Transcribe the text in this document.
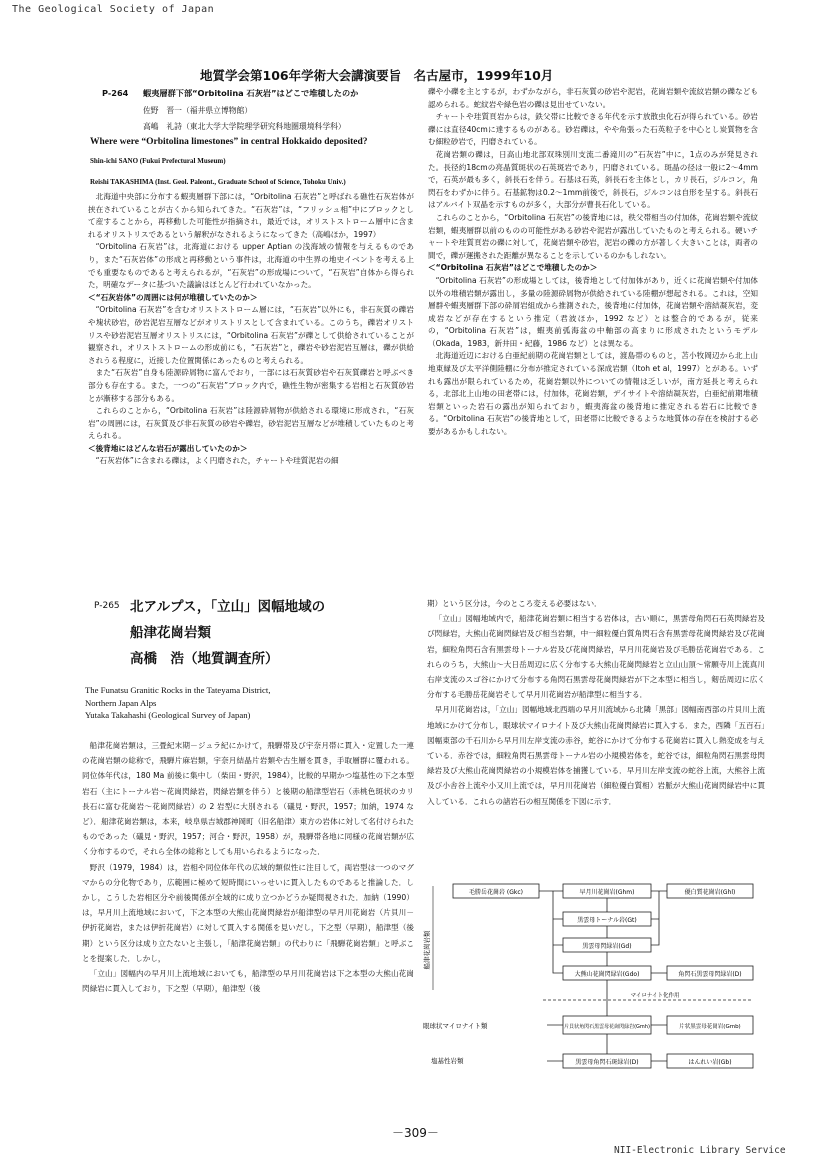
The Geological Society of Japan
地質学会第106年学術大会講演要旨　名古屋市，1999年10月
P-264 蝦夷層群下部“Orbitolina 石灰岩”はどこで堆積したのか
佐野　晋一（福井県立博物館）
高嶋　礼詩（東北大学大学院理学研究科地圏環境科学科）
Where were “Orbitolina limestones” in central Hokkaido deposited?
Shin-ichi SANO (Fukui Prefectural Museum)
Reishi TAKASHIMA (Inst. Geol. Paleont., Graduate School of Science, Tohoku Univ.)

北海道中央部に分布する蝦夷層群下部には，“Orbitolina 石灰岩”と呼ばれる礁性石灰岩体が挟在されていることが古くから知られてきた。“石灰岩”は，“フリッシュ相”中にブロックとして産することから，再移動した可能性が指摘され，最近では，オリストストローム層中に含まれるオリストリスであるという解釈がなされるようになってきた（高嶋ほか，1997）

“Orbitolina 石灰岩”は，北海道における upper Aptian の浅海域の情報を与えるものであり，また“石灰岩体”の形成と再移動という事件は，北海道の中生界の地史イベントを考える上でも重要なものであると考えられるが，“石灰岩”の形成場について，“石灰岩”自体から得られた，明確なデータに基づいた議論はほとんど行われていなかった。

＜“石灰岩体”の周囲には何が堆積していたのか＞

“Orbitolina 石灰岩”を含むオリストストローム層には，“石灰岩”以外にも，非石灰質の礫岩や塊状砂岩，砂岩泥岩互層などがオリストリスとして含まれている。このうち，礫岩オリストリスや砂岩泥岩互層オリストリスには，“Orbitolina 石灰岩”が礫として供給されていることが観察され，オリストストロームの形成前にも，“石灰岩”と，礫岩や砂岩泥岩互層は，礫が供給されうる程度に，近接した位置関係にあったものと考えられる。

また“石灰岩”自身も陸源砕屑物に富んでおり，一部には石灰質砂岩や石灰質礫岩と呼ぶべき部分も存在する。また，一つの“石灰岩”ブロック内で，礁性生物が密集する岩相と石灰質砂岩とが漸移する部分もある。

これらのことから，“Orbitolina 石灰岩”は陸源砕屑物が供給される環境に形成され，“石灰岩”の周囲には，石灰質及び非石灰質の砂岩や礫岩，砂岩泥岩互層などが堆積していたものと考えられる。

＜後背地にはどんな岩石が露出していたのか＞

“石灰岩体”に含まれる礫は，よく円磨された，チャートや珪質泥岩の細

礫や小礫を主とするが，わずかながら，非石灰質の砂岩や泥岩，花崗岩類や流紋岩類の礫なども認められる。蛇紋岩や緑色岩の礫は見出せていない。

チャートや珪質頁岩からは，鉄父帯に比較できる年代を示す放散虫化石が得られている。砂岩礫には直径40cmに達するものがある。砂岩礫は，やや角張った石英粒子を中心とし炭質物を含む細粒砂岩で，円磨されている。

花崗岩類の礫は，日高山地北部双珠別川支流二番滝川の“石灰岩”中に，1点のみが発見された。長径約18cmの亮晶質斑状の石英斑岩であり，円磨されている。斑晶の径は一般に2〜4mmで，石英が最も多く，斜長石を伴う。石基は石英，斜長石を主体とし，カリ長石，ジルコン，角閃石をわずかに伴う。石基鉱物は0.2〜1mm前後で，斜長石，ジルコンは自形を呈する。斜長石はアルバイト双晶を示すものが多く，大部分が曹長石化している。

これらのことから，“Orbitolina 石灰岩”の後背地には，秩父帯相当の付加体，花崗岩類や流紋岩類，蝦夷層群以前のものの可能性がある砂岩や泥岩が露出していたものと考えられる。硬いチャートや珪質頁岩の礫に対して，花崗岩類や砂岩，泥岩の礫の方が著しく大きいことは，両者の間で，礫が運搬された距離が異なることを示しているのかもしれない。

＜“Orbitolina 石灰岩”はどこで堆積したのか＞

“Orbitolina 石灰岩”の形成場としては，後背地として付加体があり，近くに花崗岩類や付加体以外の堆積岩類が露出し，多量の陸源砕屑物が供給されている陸棚が想起される。これは，空知層群や蝦夷層群下部の砕屑岩組成から推測された，後背地に付加体，花崗岩類や溶結凝灰岩，変成岩などが存在するという推定（君波ほか，1992 など）とは整合的であるが，従来の，“Orbitolina 石灰岩”は，蝦夷前弧海盆の中軸部の高まりに形成されたというモデル（Okada，1983，新井田・紀藤，1986 など）とは異なる。

北海道近辺における白亜紀前期の花崗岩類としては，渡島帯のものと，苫小牧岡辺から北上山地東縁及び太平洋側陸棚に分布が推定されている深成岩類（Itoh et al，1997）とがある。いずれも露出が限られているため，花崗岩類以外についての情報は乏しいが，南方延長と考えられる，北部北上山地の田老帯には，付加体，花崗岩類，デイサイトや溶結凝灰岩，白亜紀前期堆積岩類といった岩石の露出が知られており，蝦夷海盆の後背地に推定される岩石に比較できる。“Orbitolina 石灰岩”の後背地として，田老帯に比較できるような地質体の存在を検討する必要があるかもしれない。

P-265 北アルプス，「立山」図幅地域の
船津花崗岩類
高橋　浩（地質調査所）
The Funatsu Granitic Rocks in the Tateyama District,
Northern Japan Alps
Yutaka Takahashi (Geological Survey of Japan)

船津花崗岩類は，三畳紀末期－ジュラ紀にかけて，飛騨帯及び宇奈月帯に貫入・定置した一連の花崗岩類の総称で，飛騨片麻岩類，宇奈月結晶片岩類や古生層を貫き，手取層群に覆われる。同位体年代は，180 Ma 前後に集中し（柴田・野沢，1984），比較的早期かつ塩基性の下之本型岩石（主にトーナル岩〜花崗閃緑岩，閃緑岩類を伴う）と後期の船津型岩石（赤桃色斑状のカリ長石に富む花崗岩〜花崗閃緑岩）の 2 岩型に大別される（礒見・野沢，1957；加納，1974 など）．船津花崗岩類は，本来，岐阜県吉城郡神岡町（旧名船津）東方の岩体に対して名付けられたものであった（礒見・野沢，1957；河合・野沢，1958）が，飛騨帯各地に同様の花崗岩類が広く分布するので，それら全体の総称としても用いられるようになった．

野沢（1979，1984）は，岩相や同位体年代の広域的類似性に注目して，両岩型は一つのマグマからの分化物であり，広範囲に極めて短時間にいっせいに貫入したものであると推論した．しかし，こうした岩相区分や前後関係が全域的に成り立つかどうか疑問視された．加納（1990）は，早月川上流地域において，下之本型の大熊山花崗閃緑岩が船津型の早月川花崗岩（片貝川－伊折花崗岩，または伊折花崗岩）に対して貫入する関係を見いだし，下之型（早期），船津型（後期）という区分は成り立たないと主張し，「船津花崗岩類」の代わりに「飛騨花崗岩類」と呼ぶことを提案した．しかし，

「立山」図幅内の早月川上流地域においても，船津型の早月川花崗岩は下之本型の大熊山花崗閃緑岩に貫入しており，下之型（早期），船津型（後

期）という区分は，今のところ変える必要はない．

「立山」図幅地域内で，船津花崗岩類に相当する岩体は，古い順に，黒雲母角閃石石英閃緑岩及び閃緑岩，大熊山花崗閃緑岩及び相当岩類，中一細粒優白質角閃石含有黒雲母花崗閃緑岩及び花崗岩，細粒角閃石含有黒雲母トーナル岩及び花崗閃緑岩，早月川花崗岩及び毛勝岳花崗岩である．これらのうち，大熊山〜大日岳周辺に広く分布する大熊山花崗閃緑岩と立山山頂〜常願寺川上流真川右岸支流のスゴ谷にかけて分布する角閃石黒雲母花崗閃緑岩が下之本型に相当し，剱岳周辺に広く分布する毛勝岳花崗岩そして早月川花崗岩が船津型に相当する．

早月川花崗岩は，「立山」図幅地域北西端の早月川流域から北隣「黒部」図幅南西部の片貝川上流地域にかけて分布し，眼球状マイロナイト及び大熊山花崗閃緑岩に貫入する．また，西隣「五百石」図幅東部の千石川から早月川左岸支流の赤谷，蛇谷にかけて分布する花崗岩に貫入し熱変成を与えている．赤谷では，細粒角閃石黒雲母トーナル岩の小規模岩体を，蛇谷では，細粒角閃石黒雲母閃緑岩及び大熊山花崗閃緑岩の小規模岩体を捕獲している．早月川左岸支流の蛇谷上流，大熊谷上流及び小舎谷上流や小又川上流では，早月川花崗岩（細粒優白質相）岩脈が大熊山花崗閃緑岩中に貫入している．これらの諸岩石の相互関係を下図に示す．

船津花崗岩類
眼球状マイロナイト類
塩基性岩類
毛勝岳花崗岩 (Gkc)	早月川花崗岩(Ghm)	優白質花崗岩(Ghl)
黒雲母トーナル岩(Gt)
黒雲母閃緑岩(Gd)
大熊山花崗閃緑岩(Gdo)	角閃石黒雲母閃緑岩(D)
マイロナイト化作用
片貝状角閃石黒雲母花崗閃緑岩(Gmh)	片状黒雲母花崗岩(Gmb)
黒雲母角閃石斑緑岩(D)	はんれい岩(Gb)
－309－
NII-Electronic Library Service
